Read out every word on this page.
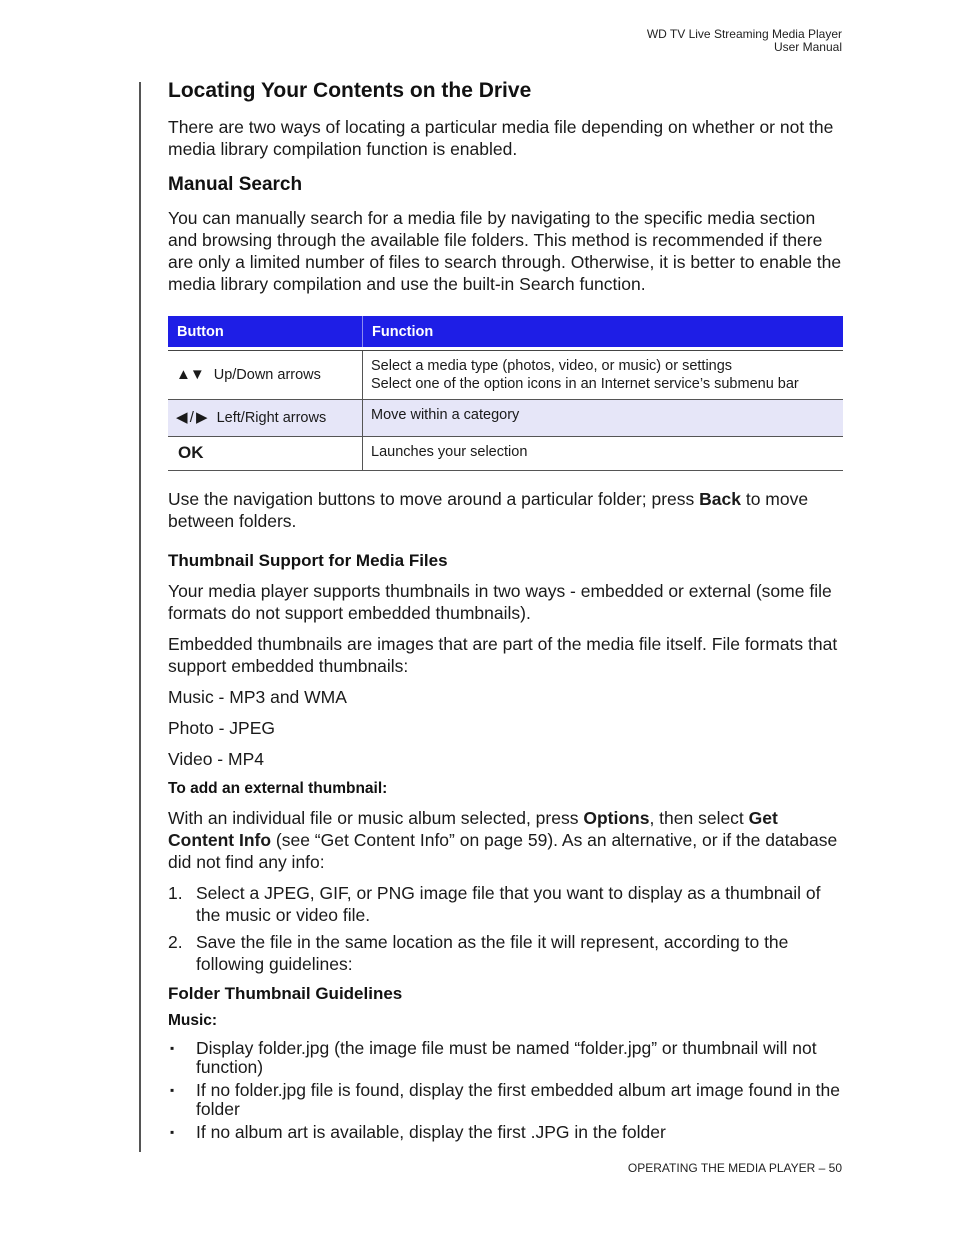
WD TV Live Streaming Media Player
User Manual
Locating Your Contents on the Drive

There are two ways of locating a particular media file depending on whether or not the media library compilation function is enabled.

Manual Search

You can manually search for a media file by navigating to the specific media section and browsing through the available file folders. This method is recommended if there are only a limited number of files to search through. Otherwise, it is better to enable the media library compilation and use the built-in Search function.

Button	Function

▲▼ Up/Down arrows	Select a media type (photos, video, or music) or settings
Select one of the option icons in an Internet service’s submenu bar

◀ / ▶ Left/Right arrows	Move within a category

OK	Launches your selection

Use the navigation buttons to move around a particular folder; press Back to move between folders.

Thumbnail Support for Media Files

Your media player supports thumbnails in two ways - embedded or external (some file formats do not support embedded thumbnails).

Embedded thumbnails are images that are part of the media file itself. File formats that support embedded thumbnails:

Music - MP3 and WMA

Photo - JPEG

Video - MP4

To add an external thumbnail:

With an individual file or music album selected, press Options, then select Get Content Info (see “Get Content Info” on page 59). As an alternative, or if the database did not find any info:

1. Select a JPEG, GIF, or PNG image file that you want to display as a thumbnail of the music or video file.
2. Save the file in the same location as the file it will represent, according to the following guidelines:
Folder Thumbnail Guidelines
Music:
▪ Display folder.jpg (the image file must be named “folder.jpg” or thumbnail will not function)
▪ If no folder.jpg file is found, display the first embedded album art image found in the folder
▪ If no album art is available, display the first .JPG in the folder
OPERATING THE MEDIA PLAYER – 50
